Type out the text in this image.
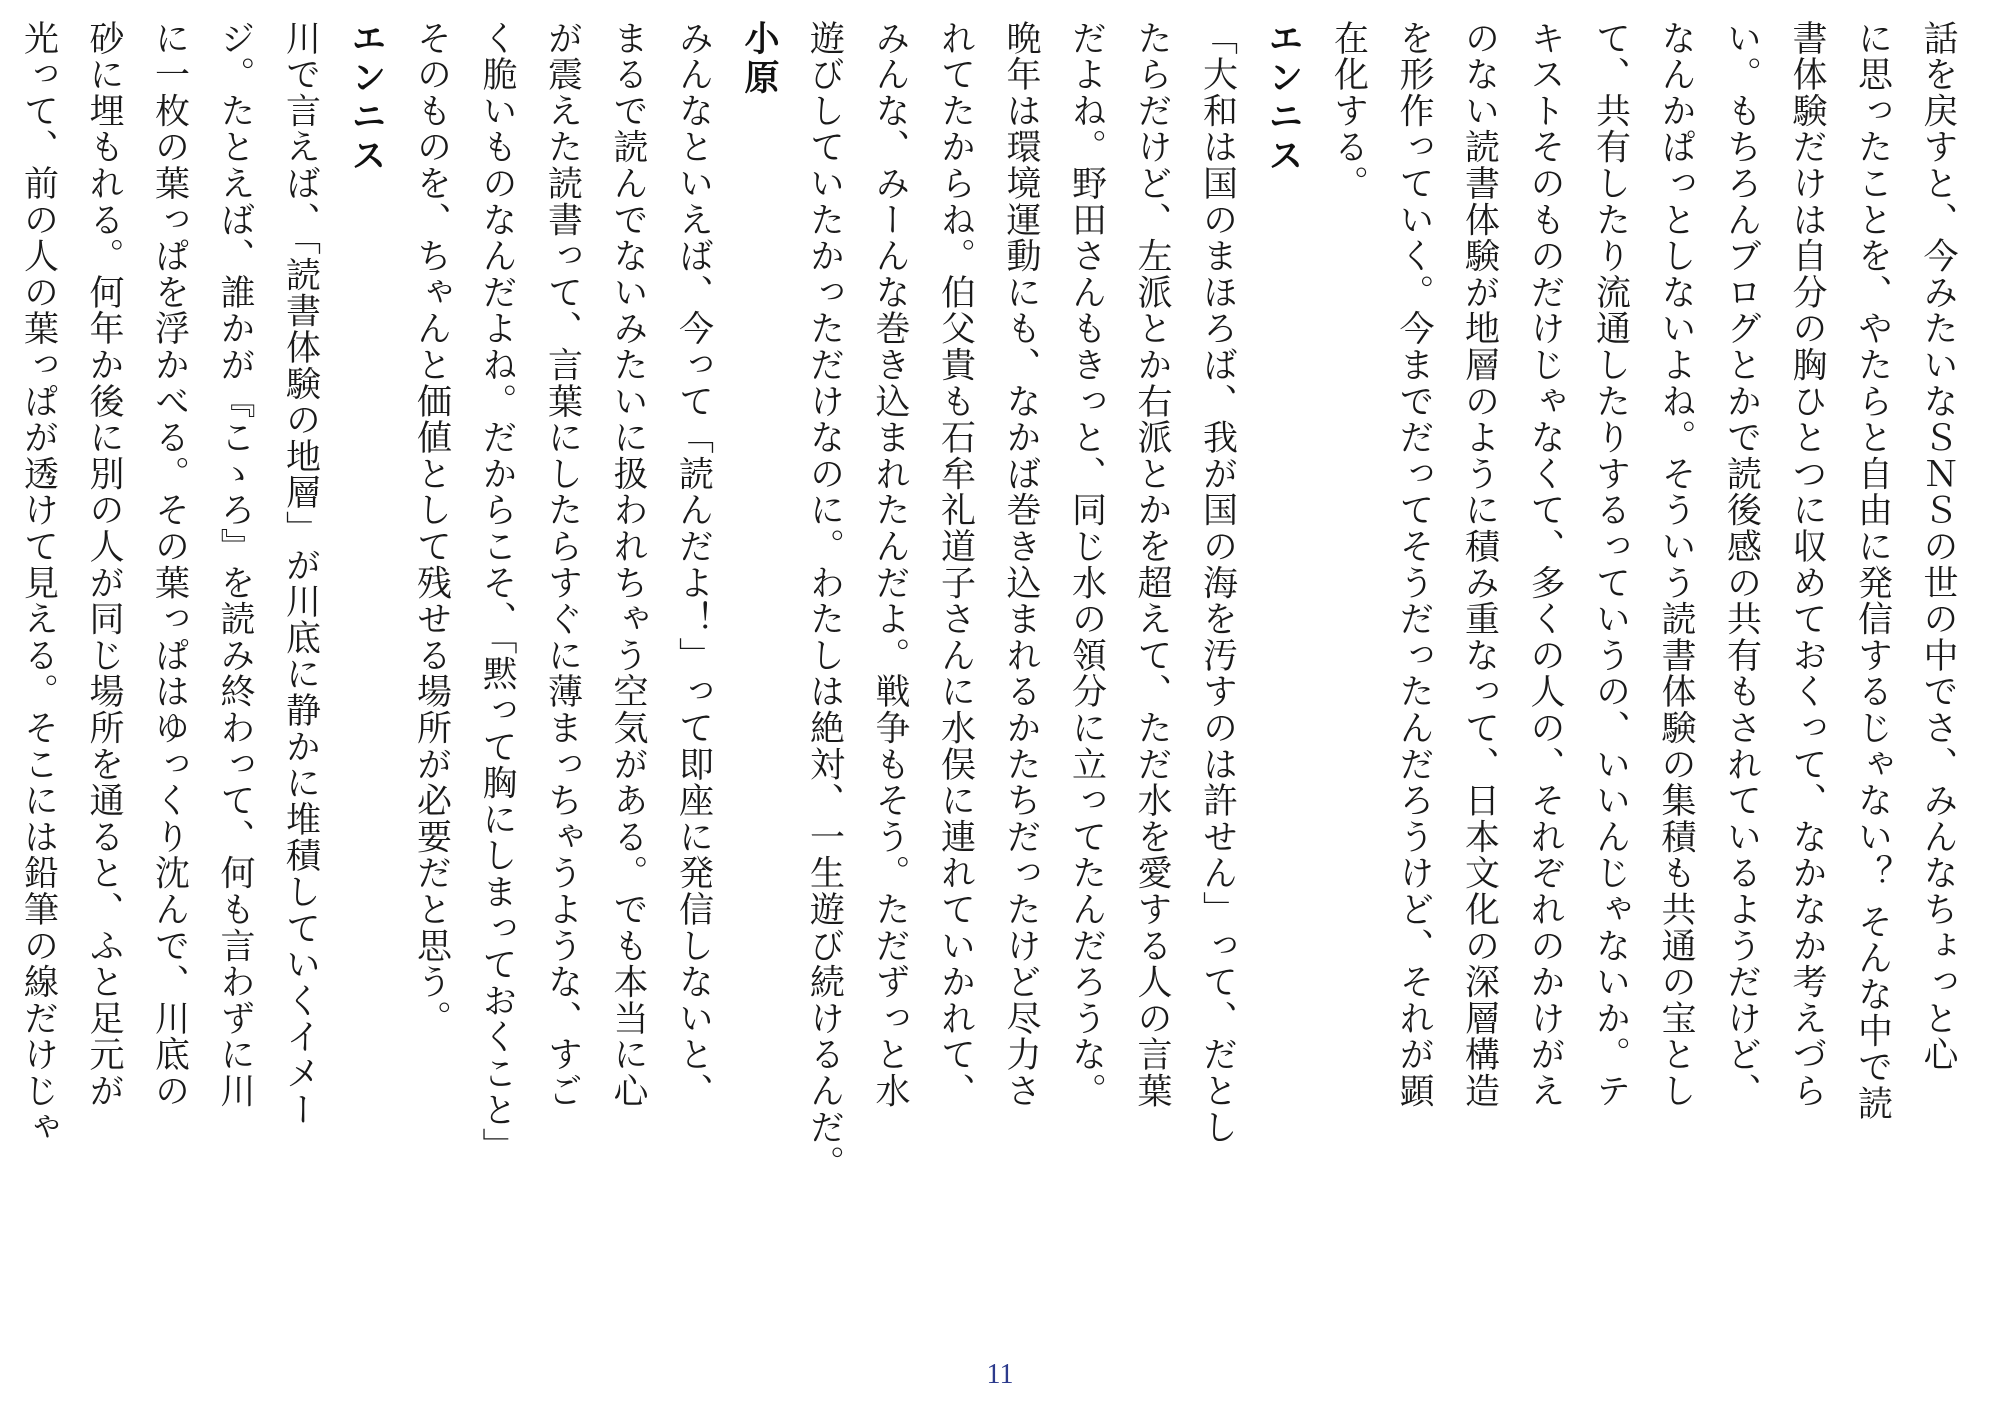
話を戻すと、今みたいなＳＮＳの世の中でさ、みんなちょっと心
に思ったことを、やたらと自由に発信するじゃない？ そんな中で読
書体験だけは自分の胸ひとつに収めておくって、なかなか考えづら
い。もちろんブログとかで読後感の共有もされているようだけど、
なんかぱっとしないよね。そういう読書体験の集積も共通の宝とし
て、共有したり流通したりするっていうの、いいんじゃないか。テ
キストそのものだけじゃなくて、多くの人の、それぞれのかけがえ
のない読書体験が地層のように積み重なって、日本文化の深層構造
を形作っていく。今までだってそうだったんだろうけど、それが顕
在化する。
エンニス
「大和は国のまほろば、我が国の海を汚すのは許せん」って、だとし
たらだけど、左派とか右派とかを超えて、ただ水を愛する人の言葉
だよね。野田さんもきっと、同じ水の領分に立ってたんだろうな。
晩年は環境運動にも、なかば巻き込まれるかたちだったけど尽力さ
れてたからね。伯父貴も石牟礼道子さんに水俣に連れていかれて、
みんな、みーんな巻き込まれたんだよ。戦争もそう。ただずっと水
遊びしていたかっただけなのに。わたしは絶対、一生遊び続けるんだ。
小原
みんなといえば、今って「読んだよ！」って即座に発信しないと、
まるで読んでないみたいに扱われちゃう空気がある。でも本当に心
が震えた読書って、言葉にしたらすぐに薄まっちゃうような、すご
く脆いものなんだよね。だからこそ、「黙って胸にしまっておくこと」
そのものを、ちゃんと価値として残せる場所が必要だと思う。
エンニス
川で言えば、「読書体験の地層」が川底に静かに堆積していくイメー
ジ。たとえば、誰かが『こゝろ』を読み終わって、何も言わずに川
に一枚の葉っぱを浮かべる。その葉っぱはゆっくり沈んで、川底の
砂に埋もれる。何年か後に別の人が同じ場所を通ると、ふと足元が
光って、前の人の葉っぱが透けて見える。そこには鉛筆の線だけじゃ
11
